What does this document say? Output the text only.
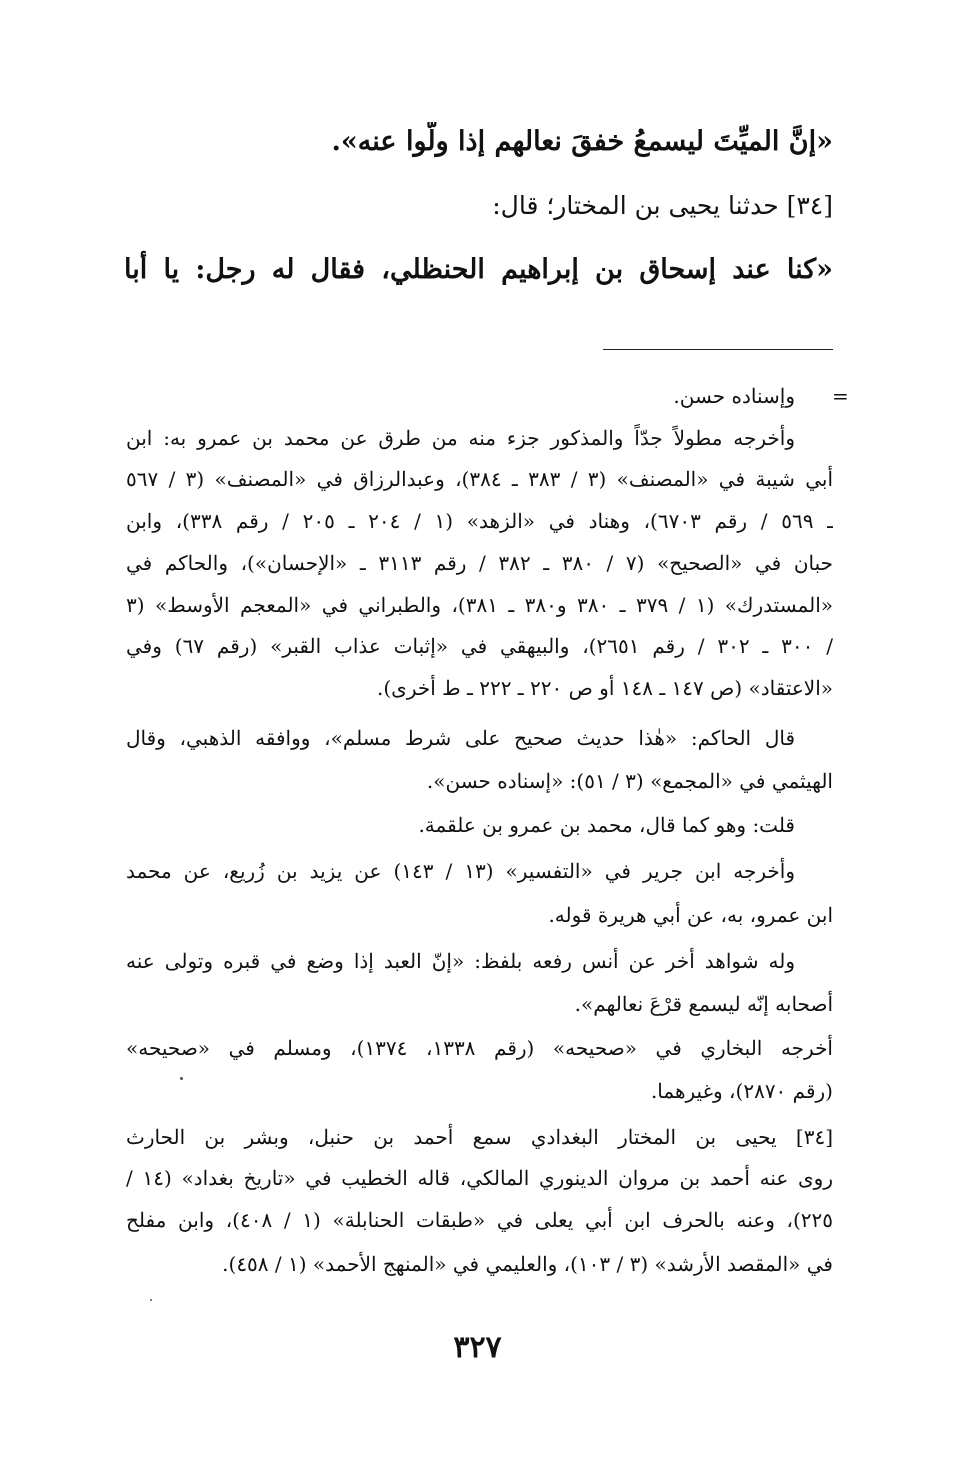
«إنَّ الميِّتَ ليسمعُ خفقَ نعالهم إذا ولَّوا عنه».
[٣٤] حدثنا يحيى بن المختار؛ قال:
«كنا عند إسحاق بن إبراهيم الحنظلي، فقال له رجل: يا أبا
=
وإسناده حسن.
وأخرجه مطولاً جدّاً والمذكور جزء منه من طرق عن محمد بن عمرو به: ابن
أبي شيبة في «المصنف» (٣ / ٣٨٣ ـ ٣٨٤)، وعبدالرزاق في «المصنف» (٣ / ٥٦٧
ـ ٥٦٩ / رقم ٦٧٠٣)، وهناد في «الزهد» (١ / ٢٠٤ ـ ٢٠٥ / رقم ٣٣٨)، وابن
حبان في «الصحيح» (٧ / ٣٨٠ ـ ٣٨٢ / رقم ٣١١٣ ـ «الإحسان»)، والحاكم في
«المستدرك» (١ / ٣٧٩ ـ ٣٨٠ و٣٨٠ ـ ٣٨١)، والطبراني في «المعجم الأوسط» (٣
/ ٣٠٠ ـ ٣٠٢ / رقم ٢٦٥١)، والبيهقي في «إثبات عذاب القبر» (رقم ٦٧) وفي
«الاعتقاد» (ص ١٤٧ ـ ١٤٨ أو ص ٢٢٠ ـ ٢٢٢ ـ ط أخرى).
قال الحاكم: «هٰذا حديث صحيح على شرط مسلم»، ووافقه الذهبي، وقال
الهيثمي في «المجمع» (٣ / ٥١): «إسناده حسن».
قلت: وهو كما قال، محمد بن عمرو بن علقمة.
وأخرجه ابن جرير في «التفسير» (١٣ / ١٤٣) عن يزيد بن زُريع، عن محمد
ابن عمرو، به، عن أبي هريرة قوله.
وله شواهد أخر عن أنس رفعه بلفظ: «إنّ العبد إذا وضع في قبره وتولى عنه
أصحابه إنّه ليسمع قرْعَ نعالهم».
أخرجه البخاري في «صحيحه» (رقم ١٣٣٨، ١٣٧٤)، ومسلم في «صحيحه»
(رقم ٢٨٧٠)، وغيرهما.
[٣٤] يحيى بن المختار البغدادي سمع أحمد بن حنبل، وبشر بن الحارث
روى عنه أحمد بن مروان الدينوري المالكي، قاله الخطيب في «تاريخ بغداد» (١٤ /
٢٢٥)، وعنه بالحرف ابن أبي يعلى في «طبقات الحنابلة» (١ / ٤٠٨)، وابن مفلح
في «المقصد الأرشد» (٣ / ١٠٣)، والعليمي في «المنهج الأحمد» (١ / ٤٥٨).
٣٢٧
